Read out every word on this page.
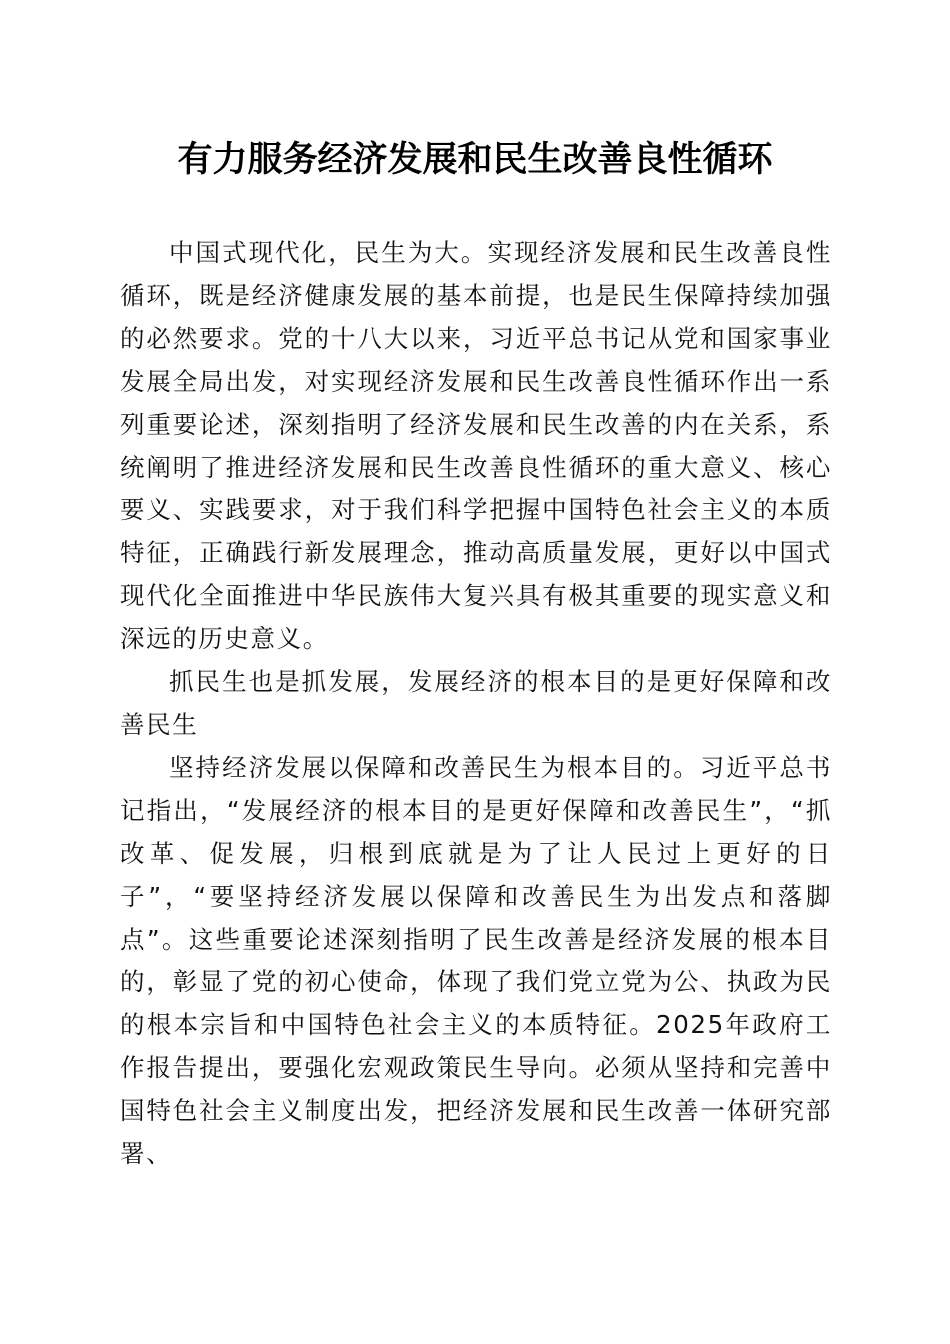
有力服务经济发展和民生改善良性循环

中国式现代化，民生为大。实现经济发展和民生改善良性循环，既是经济健康发展的基本前提，也是民生保障持续加强的必然要求。党的十八大以来，习近平总书记从党和国家事业发展全局出发，对实现经济发展和民生改善良性循环作出一系列重要论述，深刻指明了经济发展和民生改善的内在关系，系统阐明了推进经济发展和民生改善良性循环的重大意义、核心要义、实践要求，对于我们科学把握中国特色社会主义的本质特征，正确践行新发展理念，推动高质量发展，更好以中国式现代化全面推进中华民族伟大复兴具有极其重要的现实意义和深远的历史意义。

抓民生也是抓发展，发展经济的根本目的是更好保障和改善民生

坚持经济发展以保障和改善民生为根本目的。习近平总书记指出，“发展经济的根本目的是更好保障和改善民生”，“抓改革、促发展，归根到底就是为了让人民过上更好的日子”，“要坚持经济发展以保障和改善民生为出发点和落脚点”。这些重要论述深刻指明了民生改善是经济发展的根本目的，彰显了党的初心使命，体现了我们党立党为公、执政为民的根本宗旨和中国特色社会主义的本质特征。2025年政府工作报告提出，要强化宏观政策民生导向。必须从坚持和完善中国特色社会主义制度出发，把经济发展和民生改善一体研究部署、
